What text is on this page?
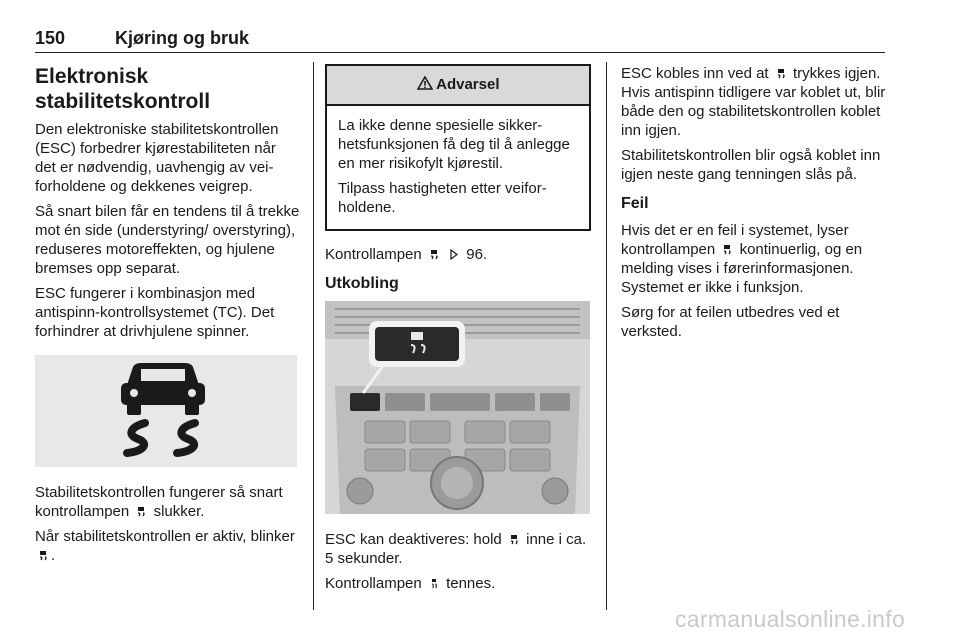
150	Kjøring og bruk
Elektronisk stabilitetskontroll

Den elektroniske stabilitetskontrollen (ESC) forbedrer kjørestabiliteten når det er nødvendig, uavhengig av veiforholdene og dekkenes veigrep.

Så snart bilen får en tendens til å trekke mot én side (understyring/ overstyring), reduseres motoreffekten, og hjulene bremses opp separat.

ESC fungerer i kombinasjon med antispinn-kontrollsystemet (TC). Det forhindrer at drivhjulene spinner.

Stabilitetskontrollen fungerer så snart kontrollampen slukker.

Når stabilitetskontrollen er aktiv, blinker .

Advarsel

La ikke denne spesielle sikkerhetsfunksjonen få deg til å anlegge en mer risikofylt kjørestil.

Tilpass hastigheten etter veiforholdene.

Kontrollampen	96.

Utkobling

ESC kan deaktiveres: hold inne i ca. 5 sekunder.

Kontrollampen tennes.

ESC kobles inn ved at trykkes igjen. Hvis antispinn tidligere var koblet ut, blir både den og stabilitetskontrollen koblet inn igjen.

Stabilitetskontrollen blir også koblet inn igjen neste gang tenningen slås på.

Feil

Hvis det er en feil i systemet, lyser kontrollampen kontinuerlig, og en melding vises i førerinformasjonen. Systemet er ikke i funksjon.

Sørg for at feilen utbedres ved et verksted.

carmanualsonline.info
